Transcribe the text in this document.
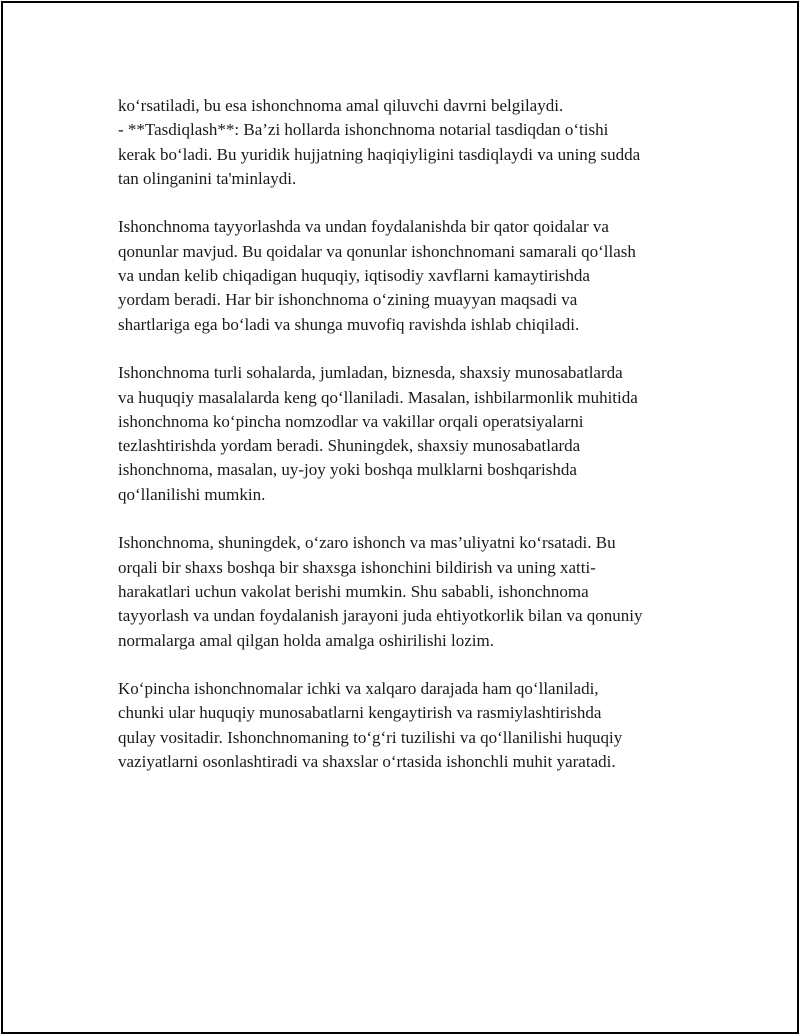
ko‘rsatiladi, bu esa ishonchnoma amal qiluvchi davrni belgilaydi.
- **Tasdiqlash**: Ba’zi hollarda ishonchnoma notarial tasdiqdan o‘tishi
kerak bo‘ladi. Bu yuridik hujjatning haqiqiyligini tasdiqlaydi va uning sudda
tan olinganini ta'minlaydi.

Ishonchnoma tayyorlashda va undan foydalanishda bir qator qoidalar va
qonunlar mavjud. Bu qoidalar va qonunlar ishonchnomani samarali qo‘llash
va undan kelib chiqadigan huquqiy, iqtisodiy xavflarni kamaytirishda
yordam beradi. Har bir ishonchnoma o‘zining muayyan maqsadi va
shartlariga ega bo‘ladi va shunga muvofiq ravishda ishlab chiqiladi.

Ishonchnoma turli sohalarda, jumladan, biznesda, shaxsiy munosabatlarda
va huquqiy masalalarda keng qo‘llaniladi. Masalan, ishbilarmonlik muhitida
ishonchnoma ko‘pincha nomzodlar va vakillar orqali operatsiyalarni
tezlashtirishda yordam beradi. Shuningdek, shaxsiy munosabatlarda
ishonchnoma, masalan, uy-joy yoki boshqa mulklarni boshqarishda
qo‘llanilishi mumkin.

Ishonchnoma, shuningdek, o‘zaro ishonch va mas’uliyatni ko‘rsatadi. Bu
orqali bir shaxs boshqa bir shaxsga ishonchini bildirish va uning xatti-
harakatlari uchun vakolat berishi mumkin. Shu sababli, ishonchnoma
tayyorlash va undan foydalanish jarayoni juda ehtiyotkorlik bilan va qonuniy
normalarga amal qilgan holda amalga oshirilishi lozim.

Ko‘pincha ishonchnomalar ichki va xalqaro darajada ham qo‘llaniladi,
chunki ular huquqiy munosabatlarni kengaytirish va rasmiylashtirishda
qulay vositadir. Ishonchnomaning to‘g‘ri tuzilishi va qo‘llanilishi huquqiy
vaziyatlarni osonlashtiradi va shaxslar o‘rtasida ishonchli muhit yaratadi.
